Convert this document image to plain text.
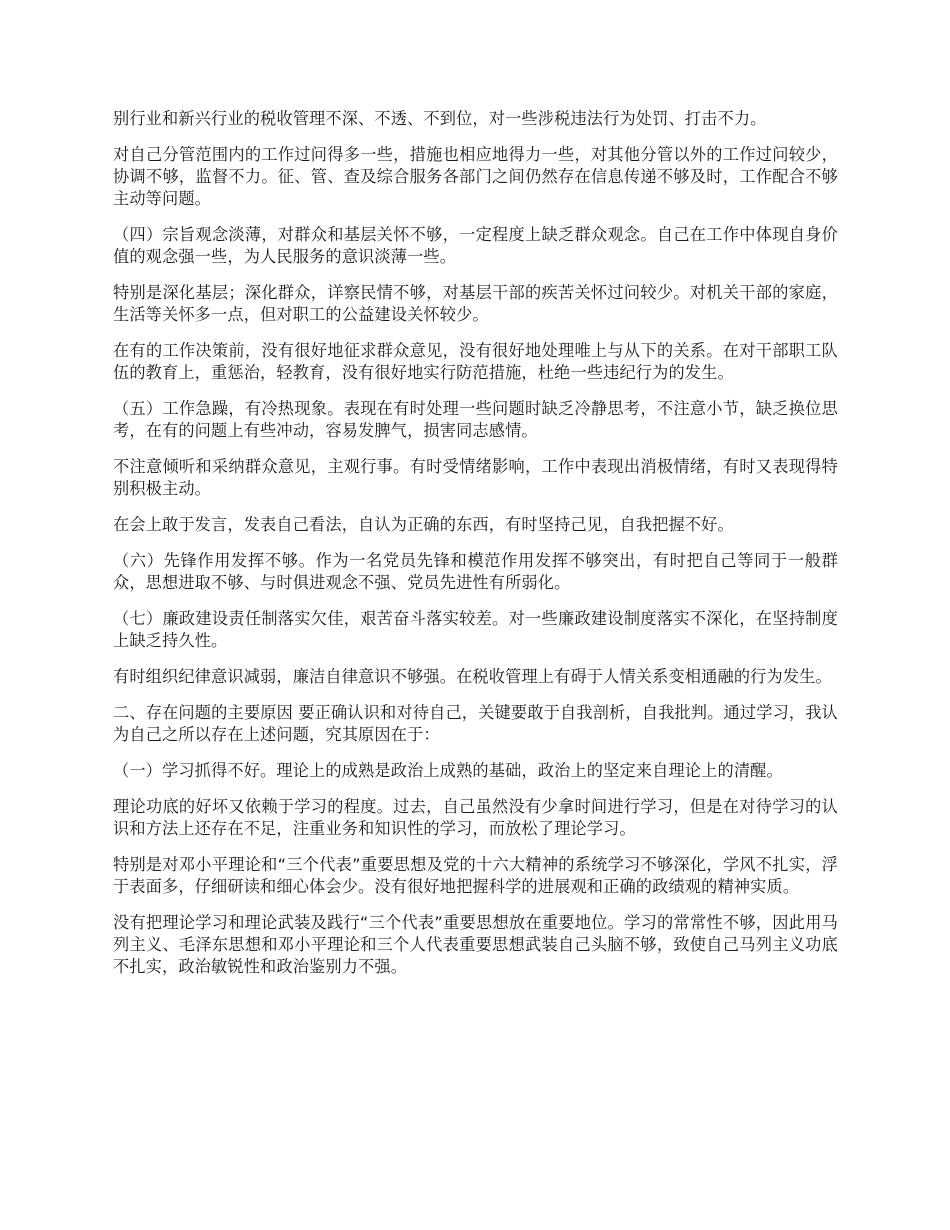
别行业和新兴行业的税收管理不深、不透、不到位，对一些涉税违法行为处罚、打击不力。

对自己分管范围内的工作过问得多一些，措施也相应地得力一些，对其他分管以外的工作过问较少，协调不够，监督不力。征、管、查及综合服务各部门之间仍然存在信息传递不够及时，工作配合不够主动等问题。

（四）宗旨观念淡薄，对群众和基层关怀不够，一定程度上缺乏群众观念。自己在工作中体现自身价值的观念强一些，为人民服务的意识淡薄一些。

特别是深化基层；深化群众，详察民情不够，对基层干部的疾苦关怀过问较少。对机关干部的家庭，生活等关怀多一点，但对职工的公益建设关怀较少。

在有的工作决策前，没有很好地征求群众意见，没有很好地处理唯上与从下的关系。在对干部职工队伍的教育上，重惩治，轻教育，没有很好地实行防范措施，杜绝一些违纪行为的发生。

（五）工作急躁，有冷热现象。表现在有时处理一些问题时缺乏冷静思考，不注意小节，缺乏换位思考，在有的问题上有些冲动，容易发脾气，损害同志感情。

不注意倾听和采纳群众意见，主观行事。有时受情绪影响，工作中表现出消极情绪，有时又表现得特别积极主动。

在会上敢于发言，发表自己看法，自认为正确的东西，有时坚持己见，自我把握不好。

（六）先锋作用发挥不够。作为一名党员先锋和模范作用发挥不够突出，有时把自己等同于一般群众，思想进取不够、与时俱进观念不强、党员先进性有所弱化。

（七）廉政建设责任制落实欠佳，艰苦奋斗落实较差。对一些廉政建设制度落实不深化，在坚持制度上缺乏持久性。

有时组织纪律意识减弱，廉洁自律意识不够强。在税收管理上有碍于人情关系变相通融的行为发生。

二、存在问题的主要原因 要正确认识和对待自己，关键要敢于自我剖析，自我批判。通过学习，我认为自己之所以存在上述问题，究其原因在于：

（一）学习抓得不好。理论上的成熟是政治上成熟的基础，政治上的坚定来自理论上的清醒。

理论功底的好坏又依赖于学习的程度。过去，自己虽然没有少拿时间进行学习，但是在对待学习的认识和方法上还存在不足，注重业务和知识性的学习，而放松了理论学习。

特别是对邓小平理论和“三个代表”重要思想及党的十六大精神的系统学习不够深化，学风不扎实，浮于表面多，仔细研读和细心体会少。没有很好地把握科学的进展观和正确的政绩观的精神实质。

没有把理论学习和理论武装及践行“三个代表”重要思想放在重要地位。学习的常常性不够，因此用马列主义、毛泽东思想和邓小平理论和三个人代表重要思想武装自己头脑不够，致使自己马列主义功底不扎实，政治敏锐性和政治鉴别力不强。
